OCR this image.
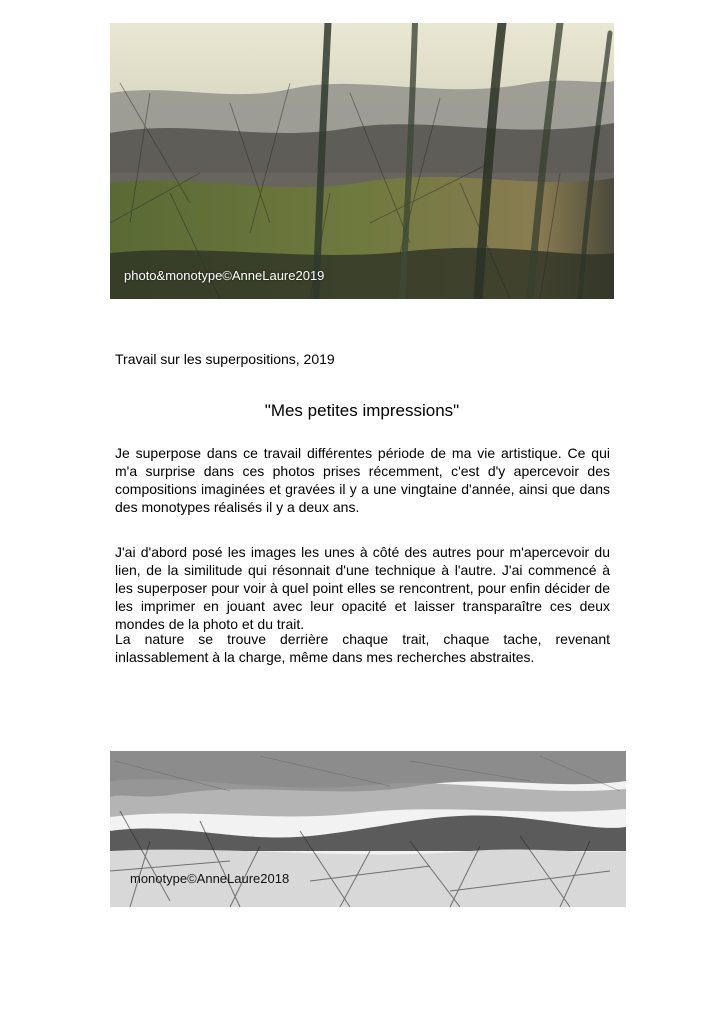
photo&monotype©AnneLaure2019
Travail sur les superpositions, 2019
"Mes petites impressions"

Je superpose dans ce travail différentes période de ma vie artistique. Ce qui m'a surprise dans ces photos prises récemment, c'est d'y apercevoir des compositions imaginées et gravées il y a une vingtaine d'année, ainsi que dans des monotypes réalisés il y a deux ans.

J'ai d'abord posé les images les unes à côté des autres pour m'apercevoir du lien, de la similitude qui résonnait d'une technique à l'autre. J'ai commencé à les superposer pour voir à quel point elles se rencontrent, pour enfin décider de les imprimer en jouant avec leur opacité et laisser transparaître ces deux mondes de la photo et du trait.

La nature se trouve derrière chaque trait, chaque tache, revenant inlassablement à la charge, même dans mes recherches abstraites.

monotype©AnneLaure2018
